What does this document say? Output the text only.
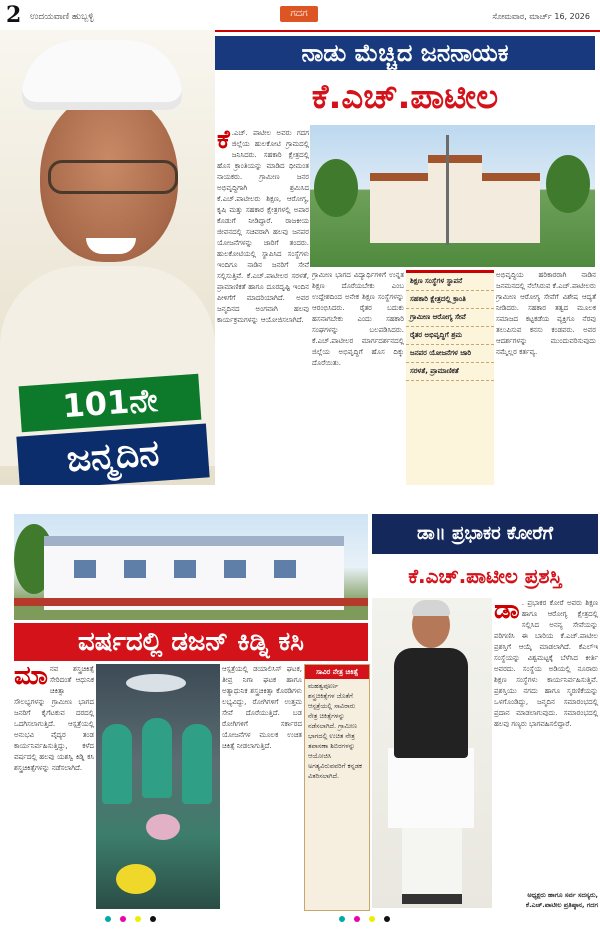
2 ಉದಯವಾಣಿ ಹುಬ್ಬಳ್ಳಿ	ಗದಗ	ಸೋಮವಾರ, ಮಾರ್ಚ್ 16, 2026
101ನೇ
ಜನ್ಮದಿನ
ನಾಡು ಮೆಚ್ಚಿದ ಜನನಾಯಕ
ಕೆ.ಎಚ್.ಪಾಟೀಲ
ಕೆ .ಎಚ್. ಪಾಟೀಲ ಅವರು ಗದಗ ಜಿಲ್ಲೆಯ ಹುಲಕೋಟಿ ಗ್ರಾಮದಲ್ಲಿ ಜನಿಸಿದರು. ಸಹಕಾರಿ ಕ್ಷೇತ್ರದಲ್ಲಿ ಹೊಸ ಕ್ರಾಂತಿಯನ್ನು ಮಾಡಿದ ಧೀಮಂತ ನಾಯಕರು. ಗ್ರಾಮೀಣ ಜನರ ಅಭಿವೃದ್ಧಿಗಾಗಿ ಶ್ರಮಿಸಿದ ಕೆ.ಎಚ್.ಪಾಟೀಲರು ಶಿಕ್ಷಣ, ಆರೋಗ್ಯ, ಕೃಷಿ ಮತ್ತು ಸಹಕಾರ ಕ್ಷೇತ್ರಗಳಲ್ಲಿ ಅಪಾರ ಕೊಡುಗೆ ನೀಡಿದ್ದಾರೆ. ರಾಜಕೀಯ ಜೀವನದಲ್ಲಿ ಸಚಿವರಾಗಿ ಹಲವು ಜನಪರ ಯೋಜನೆಗಳನ್ನು ಜಾರಿಗೆ ತಂದರು. ಹುಲಕೋಟಿಯಲ್ಲಿ ಸ್ಥಾಪಿಸಿದ ಸಂಸ್ಥೆಗಳು ಇಂದಿಗೂ ನಾಡಿನ ಜನರಿಗೆ ಸೇವೆ ಸಲ್ಲಿಸುತ್ತಿವೆ. ಕೆ.ಎಚ್.ಪಾಟೀಲರ ಸರಳತೆ, ಪ್ರಾಮಾಣಿಕತೆ ಹಾಗೂ ದೂರದೃಷ್ಟಿ ಇಂದಿನ ಪೀಳಿಗೆಗೆ ಮಾದರಿಯಾಗಿದೆ. ಅವರ ಜನ್ಮದಿನದ ಅಂಗವಾಗಿ ಹಲವು ಕಾರ್ಯಕ್ರಮಗಳನ್ನು ಆಯೋಜಿಸಲಾಗಿದೆ.
ಗ್ರಾಮೀಣ ಭಾಗದ ವಿದ್ಯಾರ್ಥಿಗಳಿಗೆ ಉನ್ನತ ಶಿಕ್ಷಣ ದೊರೆಯಬೇಕು ಎಂಬ ಉದ್ದೇಶದಿಂದ ಅನೇಕ ಶಿಕ್ಷಣ ಸಂಸ್ಥೆಗಳನ್ನು ಆರಂಭಿಸಿದರು. ರೈತರ ಬದುಕು ಹಸನಾಗಬೇಕು ಎಂದು ಸಹಕಾರಿ ಸಂಘಗಳನ್ನು ಬಲಪಡಿಸಿದರು. ಕೆ.ಎಚ್.ಪಾಟೀಲರ ಮಾರ್ಗದರ್ಶನದಲ್ಲಿ ಜಿಲ್ಲೆಯ ಅಭಿವೃದ್ಧಿಗೆ ಹೊಸ ದಿಕ್ಕು ದೊರೆಯಿತು.
ಶಿಕ್ಷಣ ಸಂಸ್ಥೆಗಳ ಸ್ಥಾಪನೆ
ಸಹಕಾರಿ ಕ್ಷೇತ್ರದಲ್ಲಿ ಕ್ರಾಂತಿ
ಗ್ರಾಮೀಣ ಆರೋಗ್ಯ ಸೇವೆ
ರೈತರ ಅಭಿವೃದ್ಧಿಗೆ ಶ್ರಮ
ಜನಪರ ಯೋಜನೆಗಳ ಜಾರಿ
ಸರಳತೆ, ಪ್ರಾಮಾಣಿಕತೆ
ಅಭಿವೃದ್ಧಿಯ ಹರಿಕಾರರಾಗಿ ನಾಡಿನ ಜನಮನದಲ್ಲಿ ನೆಲೆಸಿರುವ ಕೆ.ಎಚ್.ಪಾಟೀಲರು ಗ್ರಾಮೀಣ ಆರೋಗ್ಯ ಸೇವೆಗೆ ವಿಶೇಷ ಆದ್ಯತೆ ನೀಡಿದರು. ಸಹಕಾರ ತತ್ವದ ಮೂಲಕ ಸಮಾಜದ ಕಟ್ಟಕಡೆಯ ವ್ಯಕ್ತಿಗೂ ನೆರವು ತಲುಪಿಸುವ ಕನಸು ಕಂಡವರು. ಅವರ ಆದರ್ಶಗಳನ್ನು ಮುಂದುವರಿಸುವುದು ನಮ್ಮೆಲ್ಲರ ಕರ್ತವ್ಯ.
ವರ್ಷದಲ್ಲಿ ಡಜನ್ ಕಿಡ್ನಿ ಕಸಿ
ಮಾನವ ಶಸ್ತ್ರಚಿಕಿತ್ಸೆ ಸೇರಿದಂತೆ ಆಧುನಿಕ ಚಿಕಿತ್ಸಾ ಸೌಲಭ್ಯಗಳನ್ನು ಗ್ರಾಮೀಣ ಭಾಗದ ಜನರಿಗೆ ಕೈಗೆಟಕುವ ದರದಲ್ಲಿ ಒದಗಿಸಲಾಗುತ್ತಿದೆ. ಆಸ್ಪತ್ರೆಯಲ್ಲಿ ಅನುಭವಿ ವೈದ್ಯರ ತಂಡ ಕಾರ್ಯನಿರ್ವಹಿಸುತ್ತಿದ್ದು, ಕಳೆದ ವರ್ಷದಲ್ಲಿ ಹಲವು ಯಶಸ್ವಿ ಕಿಡ್ನಿ ಕಸಿ ಶಸ್ತ್ರಚಿಕಿತ್ಸೆಗಳನ್ನು ನಡೆಸಲಾಗಿದೆ.
ಆಸ್ಪತ್ರೆಯಲ್ಲಿ ಡಯಾಲಿಸಿಸ್ ಘಟಕ, ತೀವ್ರ ನಿಗಾ ಘಟಕ ಹಾಗೂ ಅತ್ಯಾಧುನಿಕ ಶಸ್ತ್ರಚಿಕಿತ್ಸಾ ಕೊಠಡಿಗಳು ಲಭ್ಯವಿದ್ದು, ರೋಗಿಗಳಿಗೆ ಉತ್ತಮ ಸೇವೆ ದೊರೆಯುತ್ತಿದೆ. ಬಡ ರೋಗಿಗಳಿಗೆ ಸರ್ಕಾರದ ಯೋಜನೆಗಳ ಮೂಲಕ ಉಚಿತ ಚಿಕಿತ್ಸೆ ನೀಡಲಾಗುತ್ತಿದೆ.
ಸಾವಿರ ನೇತ್ರ ಚಿಕಿತ್ಸೆ
ಮಹತ್ವಪೂರ್ಣ ಶಸ್ತ್ರಚಿಕಿತ್ಸೆಗಳ ಜೊತೆಗೆ ಆಸ್ಪತ್ರೆಯಲ್ಲಿ ಸಾವಿರಾರು ನೇತ್ರ ಚಿಕಿತ್ಸೆಗಳನ್ನು ನಡೆಸಲಾಗಿದೆ. ಗ್ರಾಮೀಣ ಭಾಗದಲ್ಲಿ ಉಚಿತ ನೇತ್ರ ತಪಾಸಣಾ ಶಿಬಿರಗಳನ್ನು ಆಯೋಜಿಸಿ ಅಗತ್ಯವಿರುವವರಿಗೆ ಕನ್ನಡಕ ವಿತರಿಸಲಾಗಿದೆ.
ಡಾ॥ ಪ್ರಭಾಕರ ಕೋರೆಗೆ
ಕೆ.ಎಚ್.ಪಾಟೀಲ ಪ್ರಶಸ್ತಿ
ಡಾ . ಪ್ರಭಾಕರ ಕೋರೆ ಅವರು ಶಿಕ್ಷಣ ಹಾಗೂ ಆರೋಗ್ಯ ಕ್ಷೇತ್ರದಲ್ಲಿ ಸಲ್ಲಿಸಿದ ಅನನ್ಯ ಸೇವೆಯನ್ನು ಪರಿಗಣಿಸಿ ಈ ಬಾರಿಯ ಕೆ.ಎಚ್.ಪಾಟೀಲ ಪ್ರಶಸ್ತಿಗೆ ಆಯ್ಕೆ ಮಾಡಲಾಗಿದೆ. ಕೆಎಲ್‌ಇ ಸಂಸ್ಥೆಯನ್ನು ವಿಶ್ವಮಟ್ಟಕ್ಕೆ ಬೆಳೆಸಿದ ಕೀರ್ತಿ ಅವರದು. ಸಂಸ್ಥೆಯ ಅಡಿಯಲ್ಲಿ ನೂರಾರು ಶಿಕ್ಷಣ ಸಂಸ್ಥೆಗಳು ಕಾರ್ಯನಿರ್ವಹಿಸುತ್ತಿವೆ. ಪ್ರಶಸ್ತಿಯು ನಗದು ಹಾಗೂ ಸ್ಮರಣಿಕೆಯನ್ನು ಒಳಗೊಂಡಿದ್ದು, ಜನ್ಮದಿನ ಸಮಾರಂಭದಲ್ಲಿ ಪ್ರದಾನ ಮಾಡಲಾಗುವುದು. ಸಮಾರಂಭದಲ್ಲಿ ಹಲವು ಗಣ್ಯರು ಭಾಗವಹಿಸಲಿದ್ದಾರೆ.
ಅಧ್ಯಕ್ಷರು ಹಾಗೂ ಸರ್ವ ಸದಸ್ಯರು,
ಕೆ.ಎಚ್.ಪಾಟೀಲ ಪ್ರತಿಷ್ಠಾನ, ಗದಗ
